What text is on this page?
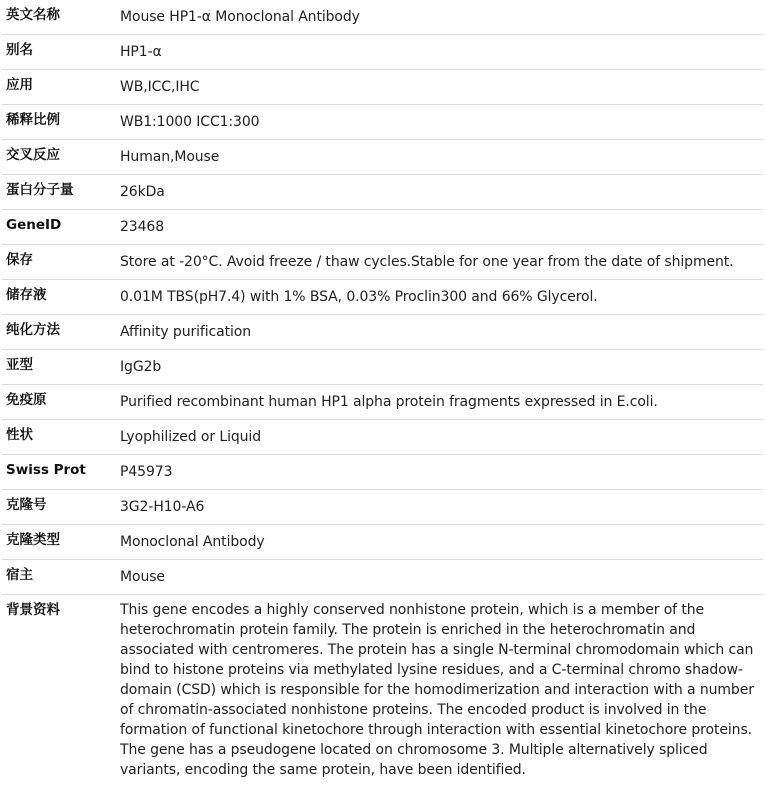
英文名称	Mouse HP1-α Monoclonal Antibody
别名	HP1-α
应用	WB,ICC,IHC
稀释比例	WB1:1000 ICC1:300
交叉反应	Human,Mouse
蛋白分子量	26kDa
GeneID	23468
保存	Store at -20°C. Avoid freeze / thaw cycles.Stable for one year from the date of shipment.
储存液	0.01M TBS(pH7.4) with 1% BSA, 0.03% Proclin300 and 66% Glycerol.
纯化方法	Affinity purification
亚型	IgG2b
免疫原	Purified recombinant human HP1 alpha protein fragments expressed in E.coli.
性状	Lyophilized or Liquid
Swiss Prot	P45973
克隆号	3G2-H10-A6
克隆类型	Monoclonal Antibody
宿主	Mouse
背景资料	This gene encodes a highly conserved nonhistone protein, which is a member of the heterochromatin protein family. The protein is enriched in the heterochromatin and associated with centromeres. The protein has a single N-terminal chromodomain which can bind to histone proteins via methylated lysine residues, and a C-terminal chromo shadow-domain (CSD) which is responsible for the homodimerization and interaction with a number of chromatin-associated nonhistone proteins. The encoded product is involved in the formation of functional kinetochore through interaction with essential kinetochore proteins. The gene has a pseudogene located on chromosome 3. Multiple alternatively spliced variants, encoding the same protein, have been identified.
